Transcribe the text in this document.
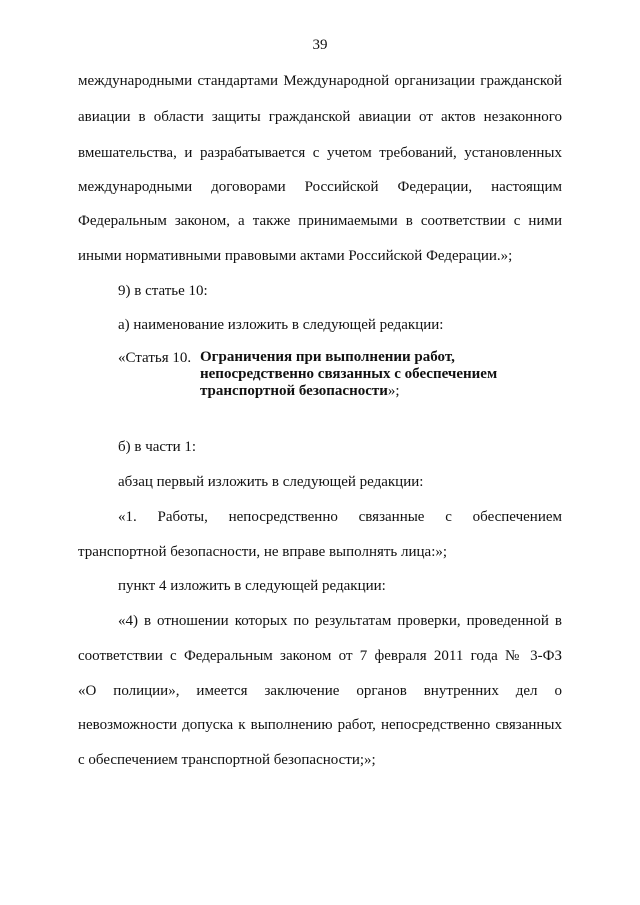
39
международными стандартами Международной организации гражданской
авиации в области защиты гражданской авиации от актов незаконного
вмешательства, и разрабатывается с учетом требований, установленных
международными договорами Российской Федерации, настоящим
Федеральным законом, а также принимаемыми в соответствии с ними
иными нормативными правовыми актами Российской Федерации.»;
9) в статье 10:
а) наименование изложить в следующей редакции:
«Статья 10. Ограничения при выполнении работ,
непосредственно связанных с обеспечением
транспортной безопасности»;
б) в части 1:
абзац первый изложить в следующей редакции:
«1. Работы, непосредственно связанные с обеспечением
транспортной безопасности, не вправе выполнять лица:»;
пункт 4 изложить в следующей редакции:
«4) в отношении которых по результатам проверки, проведенной в
соответствии с Федеральным законом от 7 февраля 2011 года № 3-ФЗ
«О полиции», имеется заключение органов внутренних дел о
невозможности допуска к выполнению работ, непосредственно связанных
с обеспечением транспортной безопасности;»;
